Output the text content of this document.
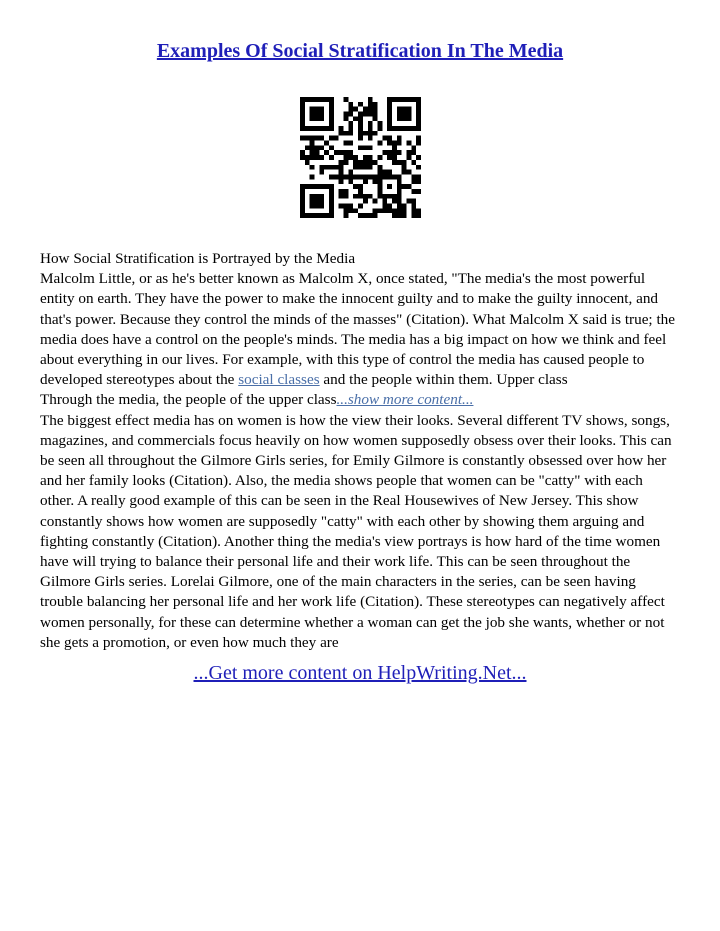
Examples Of Social Stratification In The Media
How Social Stratification is Portrayed by the Media
Malcolm Little, or as he's better known as Malcolm X, once stated, "The media's the most powerful entity on earth. They have the power to make the innocent guilty and to make the guilty innocent, and that's power. Because they control the minds of the masses" (Citation). What Malcolm X said is true; the media does have a control on the people's minds. The media has a big impact on how we think and feel about everything in our lives. For example, with this type of control the media has caused people to developed stereotypes about the social classes and the people within them. Upper class
Through the media, the people of the upper class...show more content...
The biggest effect media has on women is how the view their looks. Several different TV shows, songs, magazines, and commercials focus heavily on how women supposedly obsess over their looks. This can be seen all throughout the Gilmore Girls series, for Emily Gilmore is constantly obsessed over how her and her family looks (Citation). Also, the media shows people that women can be "catty" with each other. A really good example of this can be seen in the Real Housewives of New Jersey. This show constantly shows how women are supposedly "catty" with each other by showing them arguing and fighting constantly (Citation). Another thing the media's view portrays is how hard of the time women have will trying to balance their personal life and their work life. This can be seen throughout the Gilmore Girls series. Lorelai Gilmore, one of the main characters in the series, can be seen having trouble balancing her personal life and her work life (Citation). These stereotypes can negatively affect women personally, for these can determine whether a woman can get the job she wants, whether or not she gets a promotion, or even how much they are
...Get more content on HelpWriting.Net...
